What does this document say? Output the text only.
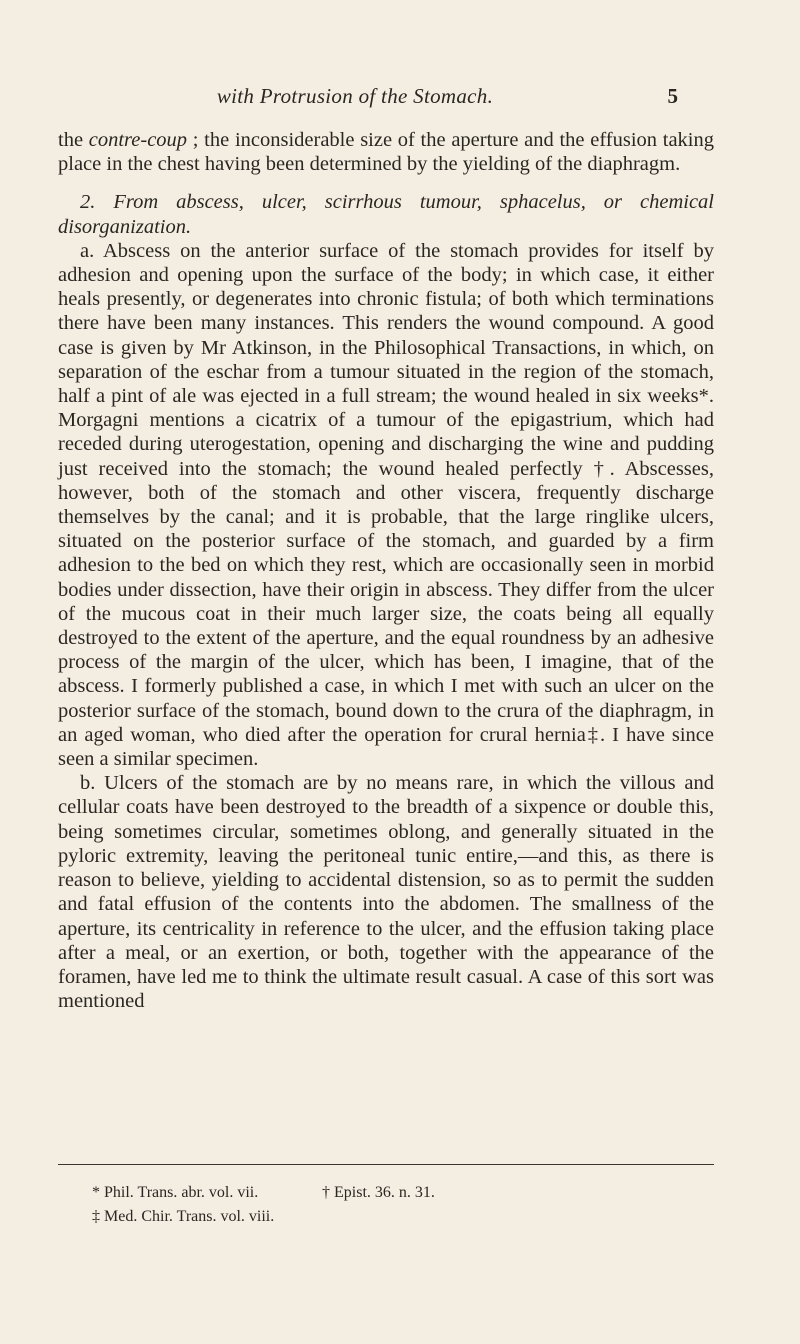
with Protrusion of the Stomach.	5

the contre-coup ; the inconsiderable size of the aperture and the effusion taking place in the chest having been determined by the yielding of the diaphragm.

2. From abscess, ulcer, scirrhous tumour, sphacelus, or chemical disorganization.

a. Abscess on the anterior surface of the stomach provides for itself by adhesion and opening upon the surface of the body; in which case, it either heals presently, or degenerates into chronic fistula; of both which terminations there have been many instances. This renders the wound compound. A good case is given by Mr Atkinson, in the Philosophical Transactions, in which, on separation of the eschar from a tumour situated in the region of the stomach, half a pint of ale was ejected in a full stream; the wound healed in six weeks*. Morgagni mentions a cicatrix of a tumour of the epigastrium, which had receded during uterogestation, opening and discharging the wine and pudding just received into the stomach; the wound healed perfectly †. Abscesses, however, both of the stomach and other viscera, frequently discharge themselves by the canal; and it is probable, that the large ringlike ulcers, situated on the posterior surface of the stomach, and guarded by a firm adhesion to the bed on which they rest, which are occasionally seen in morbid bodies under dissection, have their origin in abscess. They differ from the ulcer of the mucous coat in their much larger size, the coats being all equally destroyed to the extent of the aperture, and the equal roundness by an adhesive process of the margin of the ulcer, which has been, I imagine, that of the abscess. I formerly published a case, in which I met with such an ulcer on the posterior surface of the stomach, bound down to the crura of the diaphragm, in an aged woman, who died after the operation for crural hernia‡. I have since seen a similar specimen.

b. Ulcers of the stomach are by no means rare, in which the villous and cellular coats have been destroyed to the breadth of a sixpence or double this, being sometimes circular, sometimes oblong, and generally situated in the pyloric extremity, leaving the peritoneal tunic entire,—and this, as there is reason to believe, yielding to accidental distension, so as to permit the sudden and fatal effusion of the contents into the abdomen. The smallness of the aperture, its centricality in reference to the ulcer, and the effusion taking place after a meal, or an exertion, or both, together with the appearance of the foramen, have led me to think the ultimate result casual. A case of this sort was mentioned

* Phil. Trans. abr. vol. vii.	† Epist. 36. n. 31.
‡ Med. Chir. Trans. vol. viii.
